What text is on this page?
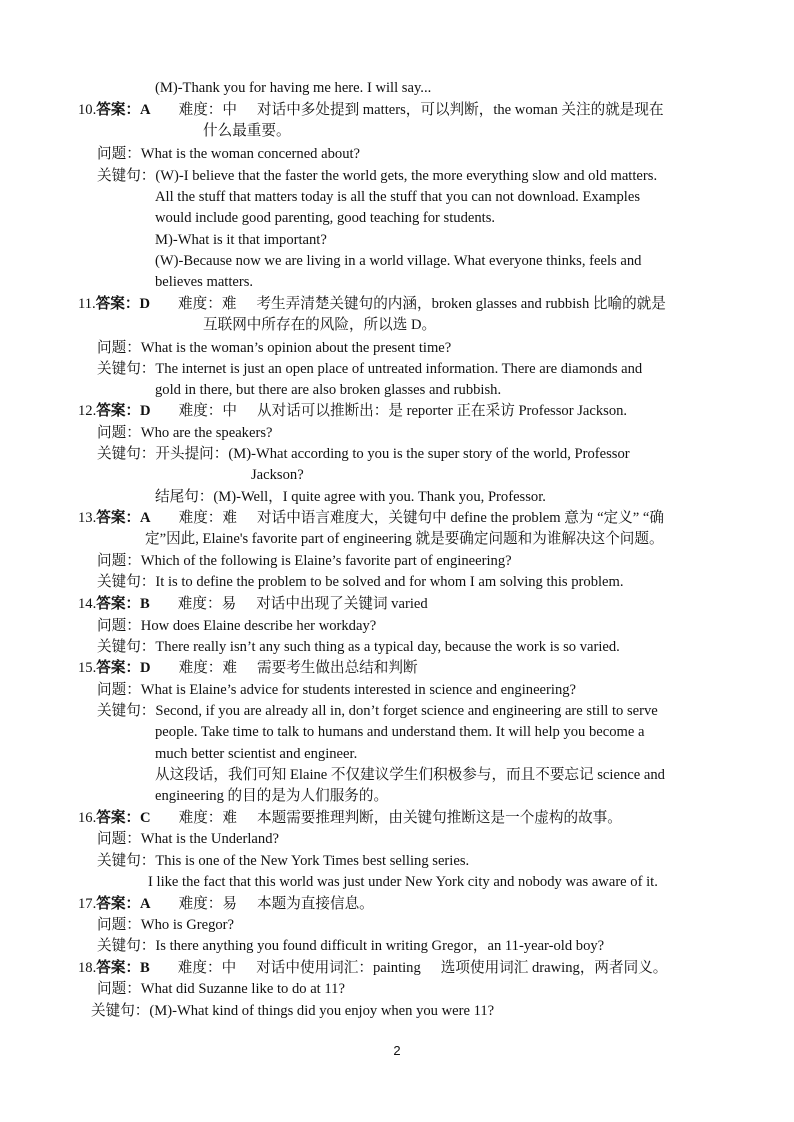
(M)-Thank you for having me here. I will say...
10.答案：A 难度：中 对话中多处提到 matters，可以判断，the woman 关注的就是现在
什么最重要。
问题：What is the woman concerned about?
关键句：(W)-I believe that the faster the world gets, the more everything slow and old matters.
All the stuff that matters today is all the stuff that you can not download. Examples
would include good parenting, good teaching for students.
M)-What is it that important?
(W)-Because now we are living in a world village. What everyone thinks, feels and
believes matters.
11.答案：D 难度：难 考生弄清楚关键句的内涵，broken glasses and rubbish 比喻的就是
互联网中所存在的风险，所以选 D。
问题：What is the woman’s opinion about the present time?
关键句：The internet is just an open place of untreated information. There are diamonds and
gold in there, but there are also broken glasses and rubbish.
12.答案：D 难度：中 从对话可以推断出：是 reporter 正在采访 Professor Jackson.
问题：Who are the speakers?
关键句：开头提问：(M)-What according to you is the super story of the world, Professor
Jackson?
结尾句：(M)-Well，I quite agree with you. Thank you, Professor.
13.答案：A 难度：难 对话中语言难度大，关键句中 define the problem 意为 “定义” “确
定”因此, Elaine's favorite part of engineering 就是要确定问题和为谁解决这个问题。
问题：Which of the following is Elaine’s favorite part of engineering?
关键句：It is to define the problem to be solved and for whom I am solving this problem.
14.答案：B 难度：易 对话中出现了关键词 varied
问题：How does Elaine describe her workday?
关键句：There really isn’t any such thing as a typical day, because the work is so varied.
15.答案：D 难度：难 需要考生做出总结和判断
问题：What is Elaine’s advice for students interested in science and engineering?
关键句：Second, if you are already all in, don’t forget science and engineering are still to serve
people. Take time to talk to humans and understand them. It will help you become a
much better scientist and engineer.
从这段话，我们可知 Elaine 不仅建议学生们积极参与，而且不要忘记 science and
engineering 的目的是为人们服务的。
16.答案：C 难度：难 本题需要推理判断，由关键句推断这是一个虚构的故事。
问题：What is the Underland?
关键句：This is one of the New York Times best selling series.
I like the fact that this world was just under New York city and nobody was aware of it.
17.答案：A 难度：易 本题为直接信息。
问题：Who is Gregor?
关键句：Is there anything you found difficult in writing Gregor，an 11-year-old boy?
18.答案：B 难度：中 对话中使用词汇：painting 选项使用词汇 drawing，两者同义。
问题：What did Suzanne like to do at 11?
关键句：(M)-What kind of things did you enjoy when you were 11?
2
